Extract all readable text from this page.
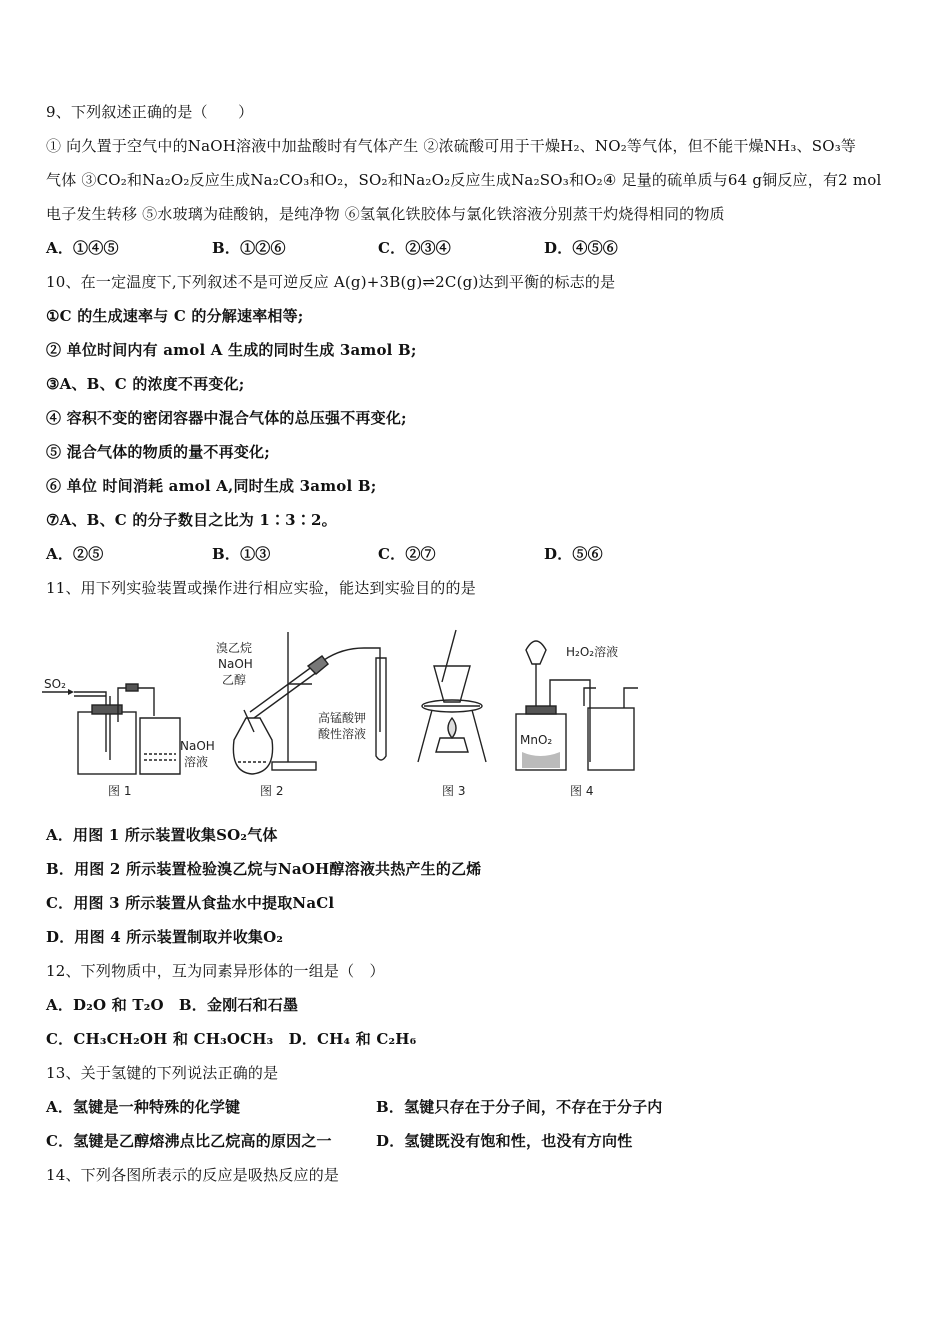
9、下列叙述正确的是（　　）
① 向久置于空气中的NaOH溶液中加盐酸时有气体产生 ②浓硫酸可用于干燥H₂、NO₂等气体，但不能干燥NH₃、SO₃等
气体 ③CO₂和Na₂O₂反应生成Na₂CO₃和O₂，SO₂和Na₂O₂反应生成Na₂SO₃和O₂④ 足量的硫单质与64 g铜反应，有2 mol
电子发生转移 ⑤水玻璃为硅酸钠，是纯净物 ⑥氢氧化铁胶体与氯化铁溶液分别蒸干灼烧得相同的物质
A．①④⑤	B．①②⑥	C．②③④	D．④⑤⑥
10、在一定温度下,下列叙述不是可逆反应 A(g)+3B(g)⇌2C(g)达到平衡的标志的是
①C 的生成速率与 C 的分解速率相等;
② 单位时间内有 amol A 生成的同时生成 3amol B;
③A、B、C 的浓度不再变化;
④ 容积不变的密闭容器中混合气体的总压强不再变化;
⑤ 混合气体的物质的量不再变化;
⑥ 单位 时间消耗 amol A,同时生成 3amol B;
⑦A、B、C 的分子数目之比为 1∶3∶2。
A．②⑤	B．①③	C．②⑦	D．⑤⑥
11、用下列实验装置或操作进行相应实验，能达到实验目的的是
SO₂
NaOH
溶液
图 1
溴乙烷
NaOH
乙醇
高锰酸钾
酸性溶液
图 2	图 3
H₂O₂溶液
MnO₂
图 4
A．用图 1 所示装置收集SO₂气体
B．用图 2 所示装置检验溴乙烷与NaOH醇溶液共热产生的乙烯
C．用图 3 所示装置从食盐水中提取NaCl
D．用图 4 所示装置制取并收集O₂
12、下列物质中，互为同素异形体的一组是（　）
A．D₂O 和 T₂O　B．金刚石和石墨
C．CH₃CH₂OH 和 CH₃OCH₃　D．CH₄ 和 C₂H₆
13、关于氢键的下列说法正确的是
A．氢键是一种特殊的化学键	B．氢键只存在于分子间，不存在于分子内
C．氢键是乙醇熔沸点比乙烷高的原因之一	D．氢键既没有饱和性，也没有方向性
14、下列各图所表示的反应是吸热反应的是
